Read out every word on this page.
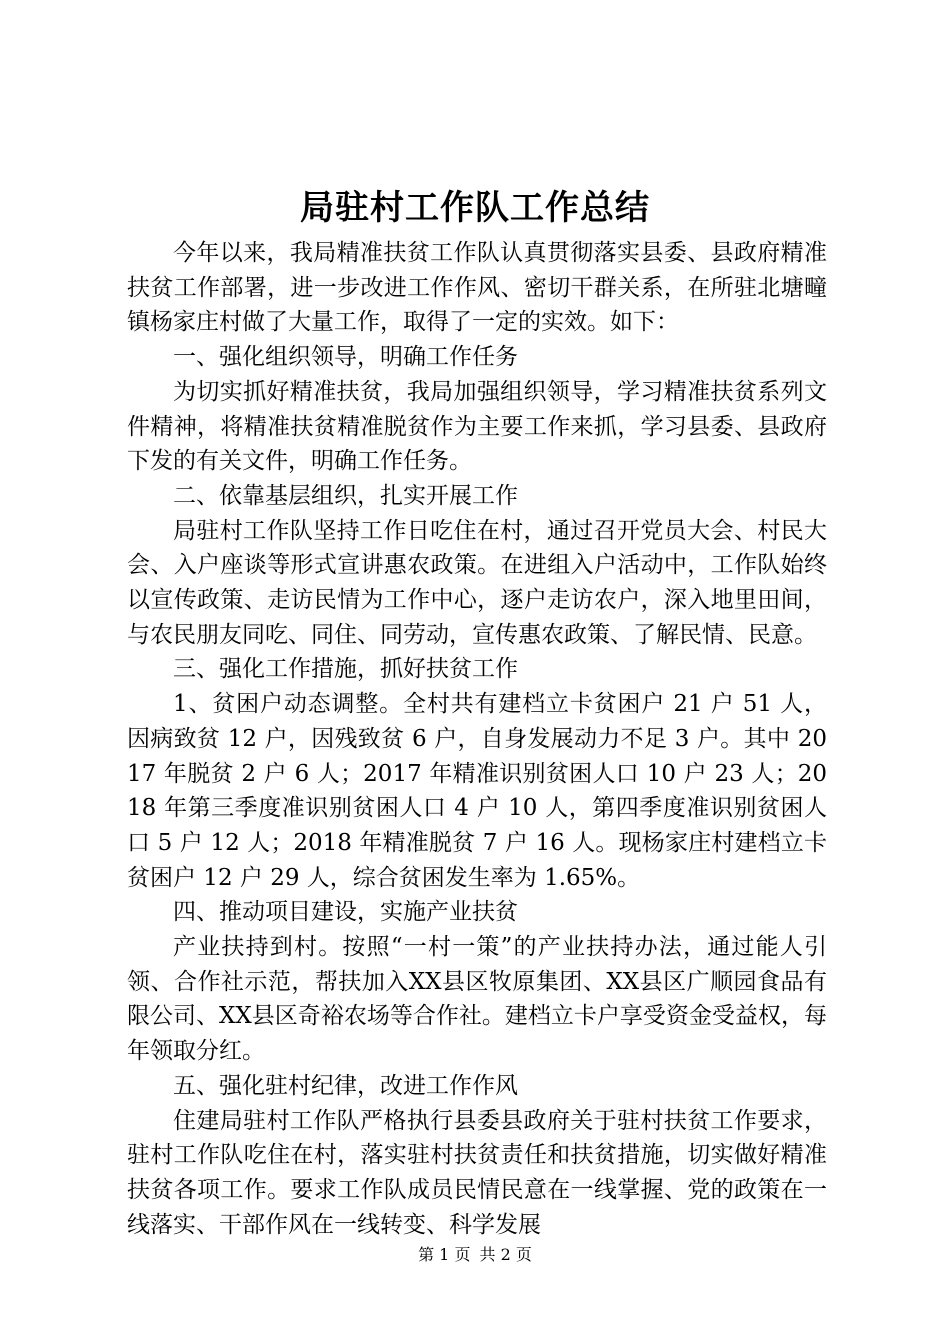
局驻村工作队工作总结

今年以来，我局精准扶贫工作队认真贯彻落实县委、县政府精准扶贫工作部署，进一步改进工作作风、密切干群关系，在所驻北塘疃镇杨家庄村做了大量工作，取得了一定的实效。如下：

一、强化组织领导，明确工作任务

为切实抓好精准扶贫，我局加强组织领导，学习精准扶贫系列文件精神，将精准扶贫精准脱贫作为主要工作来抓，学习县委、县政府下发的有关文件，明确工作任务。

二、依靠基层组织，扎实开展工作

局驻村工作队坚持工作日吃住在村，通过召开党员大会、村民大会、入户座谈等形式宣讲惠农政策。在进组入户活动中，工作队始终以宣传政策、走访民情为工作中心，逐户走访农户，深入地里田间，与农民朋友同吃、同住、同劳动，宣传惠农政策、了解民情、民意。

三、强化工作措施，抓好扶贫工作

1、贫困户动态调整。全村共有建档立卡贫困户 21 户 51 人，因病致贫 12 户，因残致贫 6 户，自身发展动力不足 3 户。其中 2017 年脱贫 2 户 6 人；2017 年精准识别贫困人口 10 户 23 人；2018 年第三季度准识别贫困人口 4 户 10 人，第四季度准识别贫困人口 5 户 12 人；2018 年精准脱贫 7 户 16 人。现杨家庄村建档立卡贫困户 12 户 29 人，综合贫困发生率为 1.65%。

四、推动项目建设，实施产业扶贫

产业扶持到村。按照“一村一策”的产业扶持办法，通过能人引领、合作社示范，帮扶加入XX县区牧原集团、XX县区广顺园食品有限公司、XX县区奇裕农场等合作社。建档立卡户享受资金受益权，每年领取分红。

五、强化驻村纪律，改进工作作风

住建局驻村工作队严格执行县委县政府关于驻村扶贫工作要求，驻村工作队吃住在村，落实驻村扶贫责任和扶贫措施，切实做好精准扶贫各项工作。要求工作队成员民情民意在一线掌握、党的政策在一线落实、干部作风在一线转变、科学发展

第 1 页 共 2 页
